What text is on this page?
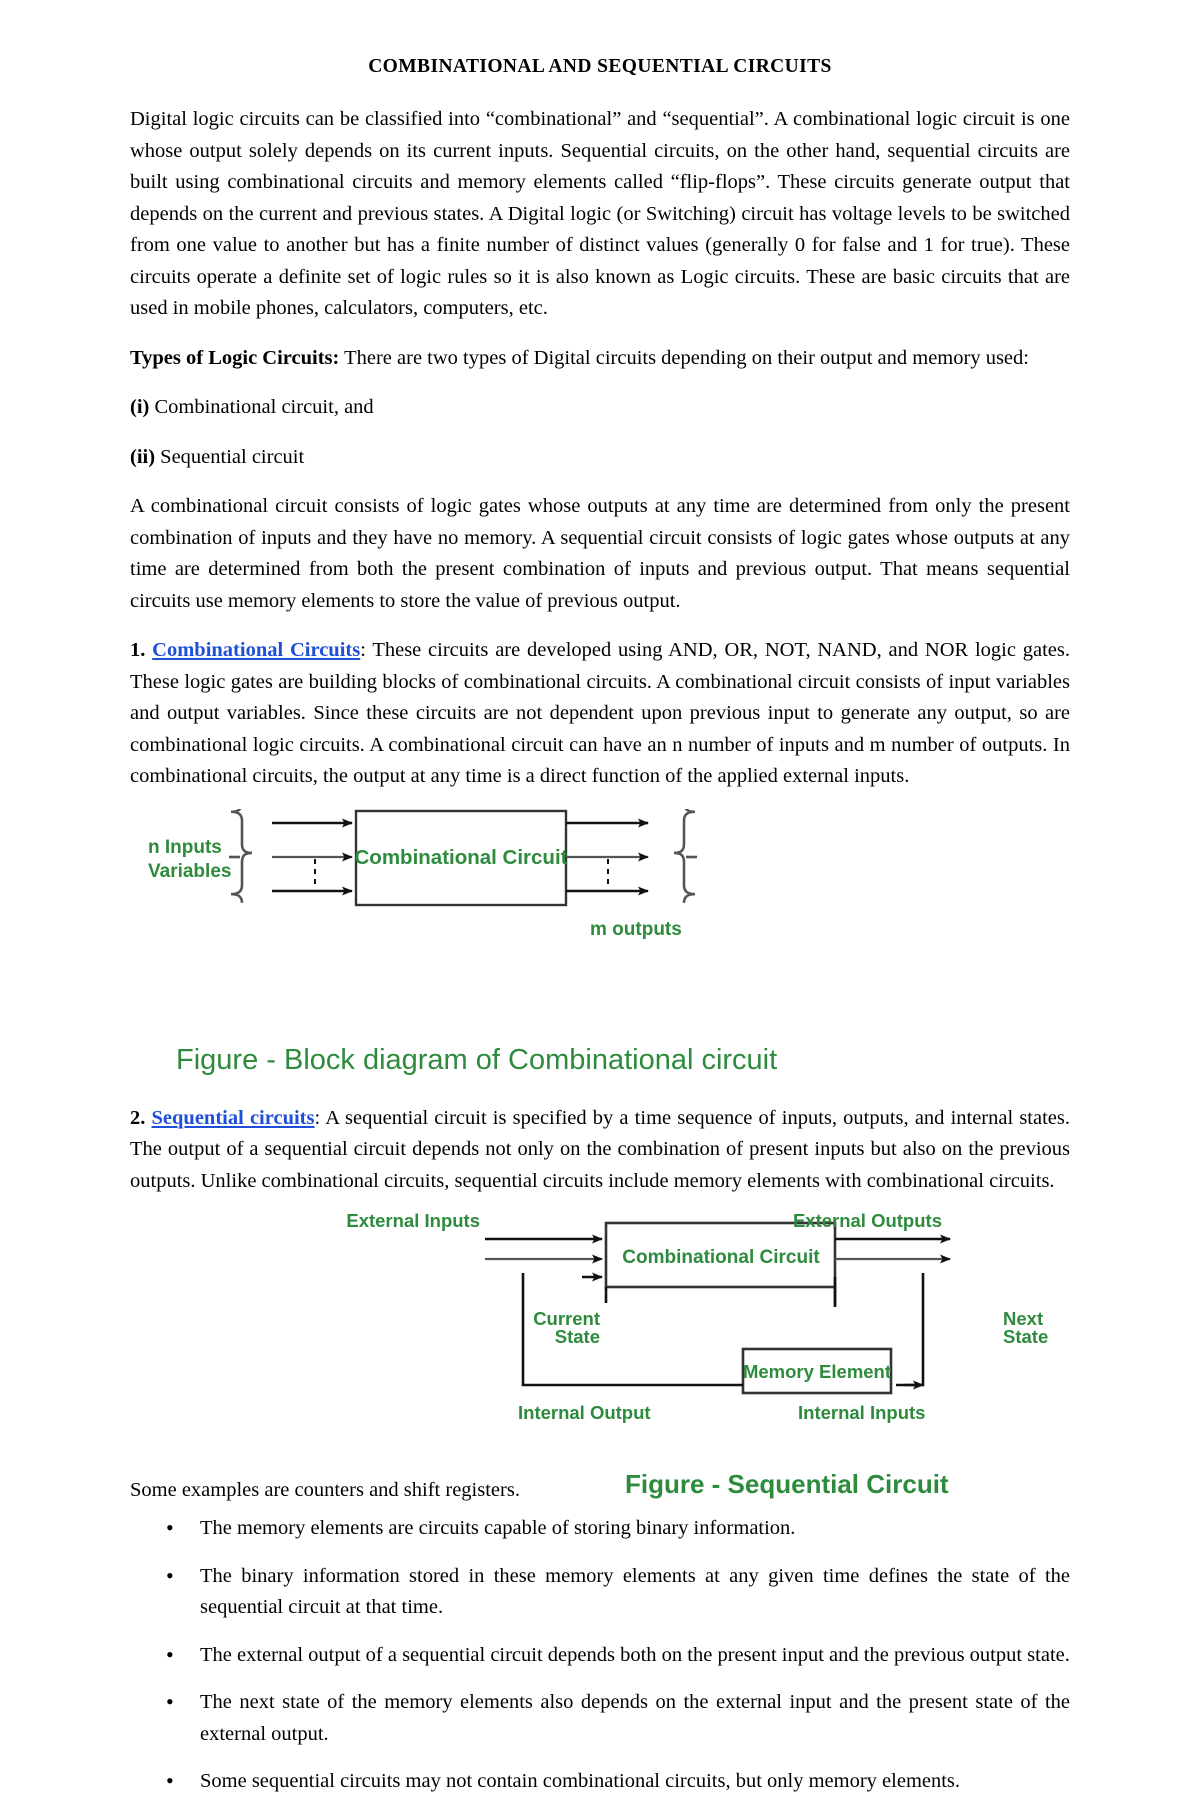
COMBINATIONAL AND SEQUENTIAL CIRCUITS

Digital logic circuits can be classified into “combinational” and “sequential”. A combinational logic circuit is one whose output solely depends on its current inputs. Sequential circuits, on the other hand, sequential circuits are built using combinational circuits and memory elements called “flip-flops”. These circuits generate output that depends on the current and previous states. A Digital logic (or Switching) circuit has voltage levels to be switched from one value to another but has a finite number of distinct values (generally 0 for false and 1 for true). These circuits operate a definite set of logic rules so it is also known as Logic circuits. These are basic circuits that are used in mobile phones, calculators, computers, etc.

Types of Logic Circuits: There are two types of Digital circuits depending on their output and memory used:

(i) Combinational circuit, and

(ii) Sequential circuit

A combinational circuit consists of logic gates whose outputs at any time are determined from only the present combination of inputs and they have no memory. A sequential circuit consists of logic gates whose outputs at any time are determined from both the present combination of inputs and previous output. That means sequential circuits use memory elements to store the value of previous output.

1. Combinational Circuits: These circuits are developed using AND, OR, NOT, NAND, and NOR logic gates. These logic gates are building blocks of combinational circuits. A combinational circuit consists of input variables and output variables. Since these circuits are not dependent upon previous input to generate any output, so are combinational logic circuits. A combinational circuit can have an n number of inputs and m number of outputs. In combinational circuits, the output at any time is a direct function of the applied external inputs.

Combinational Circuit
n Inputs
Variables
m outputs
Figure - Block diagram of Combinational circuit

2. Sequential circuits: A sequential circuit is specified by a time sequence of inputs, outputs, and internal states. The output of a sequential circuit depends not only on the combination of present inputs but also on the previous outputs. Unlike combinational circuits, sequential circuits include memory elements with combinational circuits.

Combinational Circuit
External Inputs	External Outputs
Memory Element
Current
State
Next
State
Internal Output	Internal Inputs
Figure - Sequential Circuit

Some examples are counters and shift registers.

• The memory elements are circuits capable of storing binary information.
• The binary information stored in these memory elements at any given time defines the state of the sequential circuit at that time.
• The external output of a sequential circuit depends both on the present input and the previous output state.
• The next state of the memory elements also depends on the external input and the present state of the external output.
• Some sequential circuits may not contain combinational circuits, but only memory elements.
